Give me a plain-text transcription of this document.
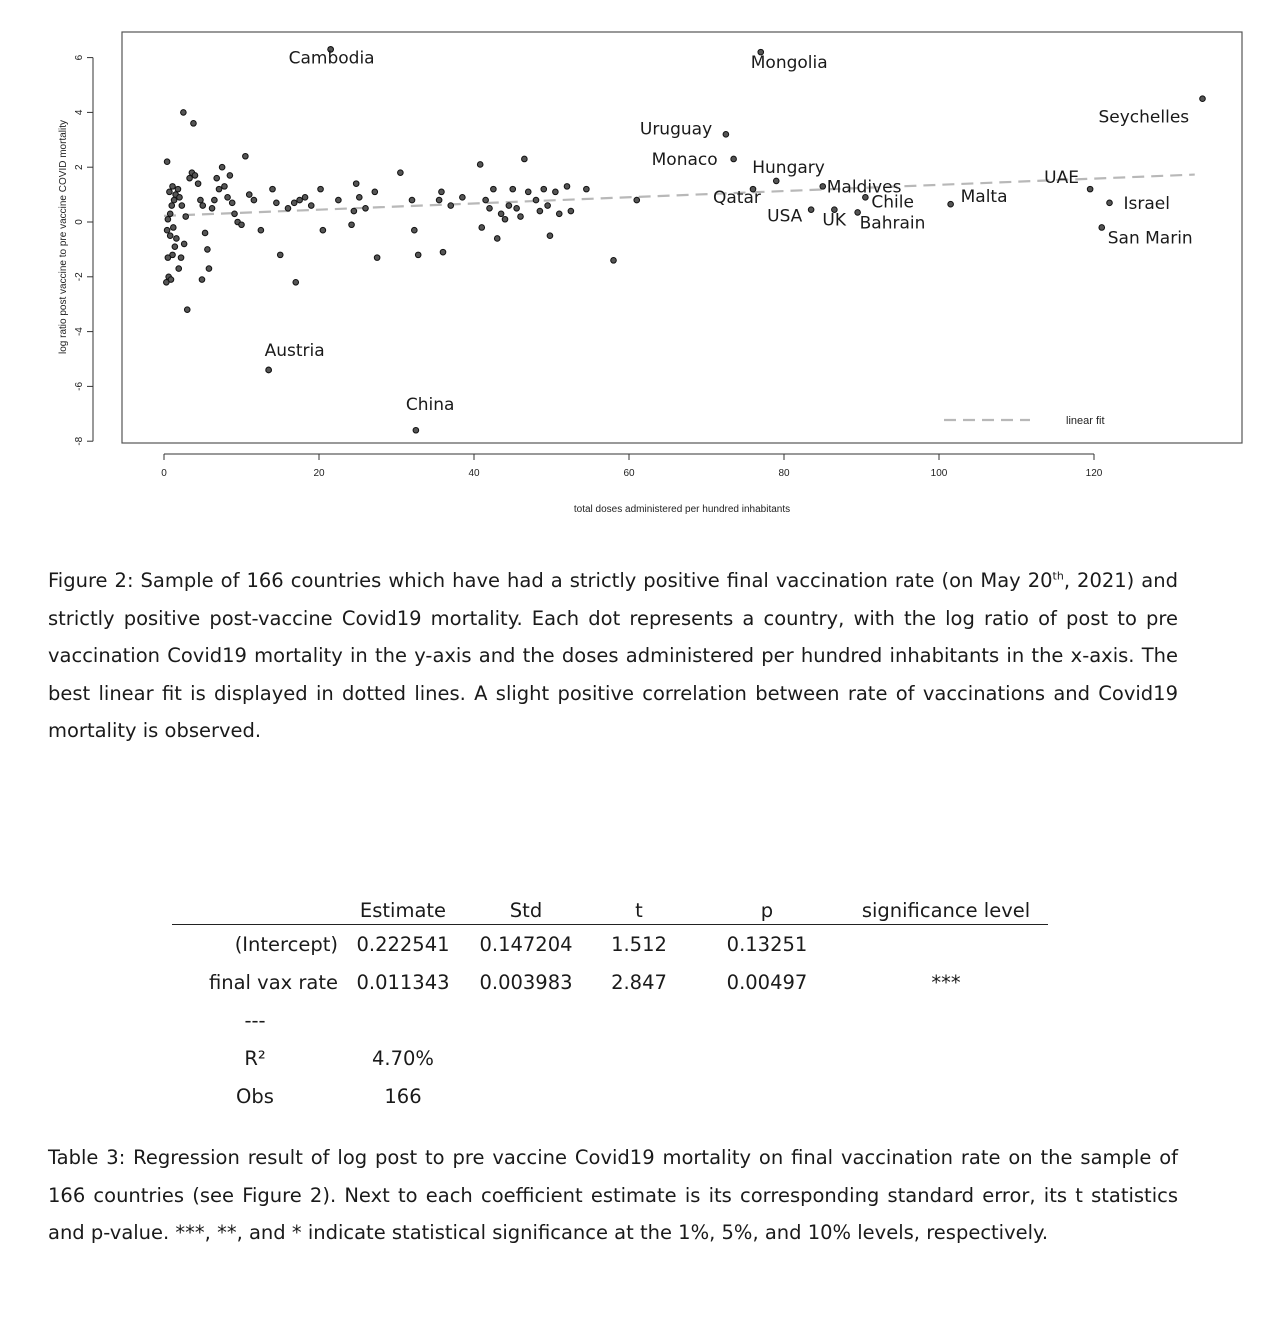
-8
-6
-4
-2
0
2
4
6
0	20	40	60	80	100	120
Cambodia	Mongolia
Seychelles
Uruguay
Monaco Hungary
Qatar
Maldives
Chile
USA UK Bahrain
Malta
UAE
Israel
San Marin
Austria
China
linear fit
total doses administered per hundred inhabitants
log ratio post vaccine to pre vaccine COVID mortality

Figure 2: Sample of 166 countries which have had a strictly positive final vaccination rate (on May 20th, 2021) and strictly positive post-vaccine Covid19 mortality. Each dot represents a country, with the log ratio of post to pre vaccination Covid19 mortality in the y-axis and the doses administered per hundred inhabitants in the x-axis. The best linear fit is displayed in dotted lines. A slight positive correlation between rate of vaccinations and Covid19 mortality is observed.

	Estimate	Std	t	p	significance level
(Intercept)	0.222541	0.147204	1.512	0.13251	
final vax rate	0.011343	0.003983	2.847	0.00497	***
---					
R²	4.70%				
Obs	166				

Table 3: Regression result of log post to pre vaccine Covid19 mortality on final vaccination rate on the sample of 166 countries (see Figure 2). Next to each coefficient estimate is its corresponding standard error, its t statistics and p-value. ***, **, and * indicate statistical significance at the 1%, 5%, and 10% levels, respectively.
